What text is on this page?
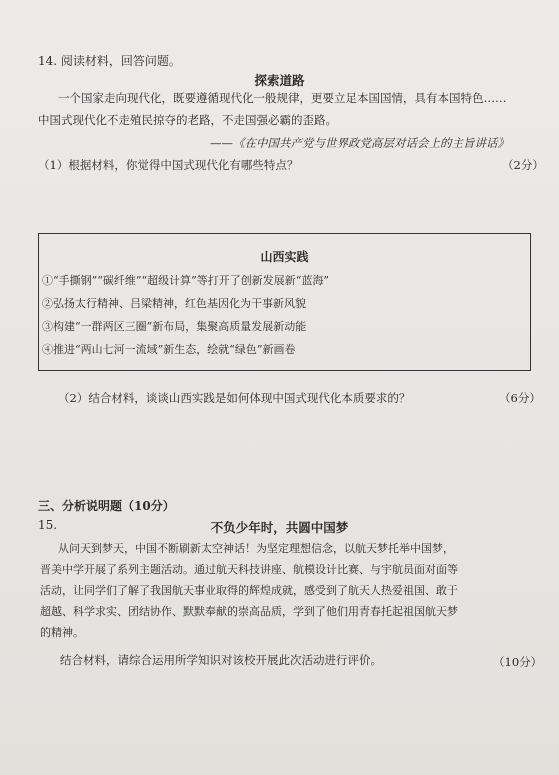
14. 阅读材料，回答问题。
探索道路
一个国家走向现代化，既要遵循现代化一般规律，更要立足本国国情，具有本国特色……
中国式现代化不走殖民掠夺的老路，不走国强必霸的歪路。
——《在中国共产党与世界政党高层对话会上的主旨讲话》
（1）根据材料，你觉得中国式现代化有哪些特点？	（2分）
山西实践
①“手撕钢”“碳纤维”“超级计算”等打开了创新发展新“蓝海”
②弘扬太行精神、吕梁精神，红色基因化为干事新风貌
③构建“一群两区三圈”新布局，集聚高质量发展新动能
④推进“两山七河一流域”新生态，绘就“绿色”新画卷
（2）结合材料，谈谈山西实践是如何体现中国式现代化本质要求的？	（6分）
三、分析说明题（10分）
15.	不负少年时，共圆中国梦
从问天到梦天，中国不断刷新太空神话！为坚定理想信念，以航天梦托举中国梦，
晋美中学开展了系列主题活动。通过航天科技讲座、航模设计比赛、与宇航员面对面等
活动，让同学们了解了我国航天事业取得的辉煌成就，感受到了航天人热爱祖国、敢于
超越、科学求实、团结协作、默默奉献的崇高品质，学到了他们用青春托起祖国航天梦
的精神。
结合材料，请综合运用所学知识对该校开展此次活动进行评价。	（10分）
